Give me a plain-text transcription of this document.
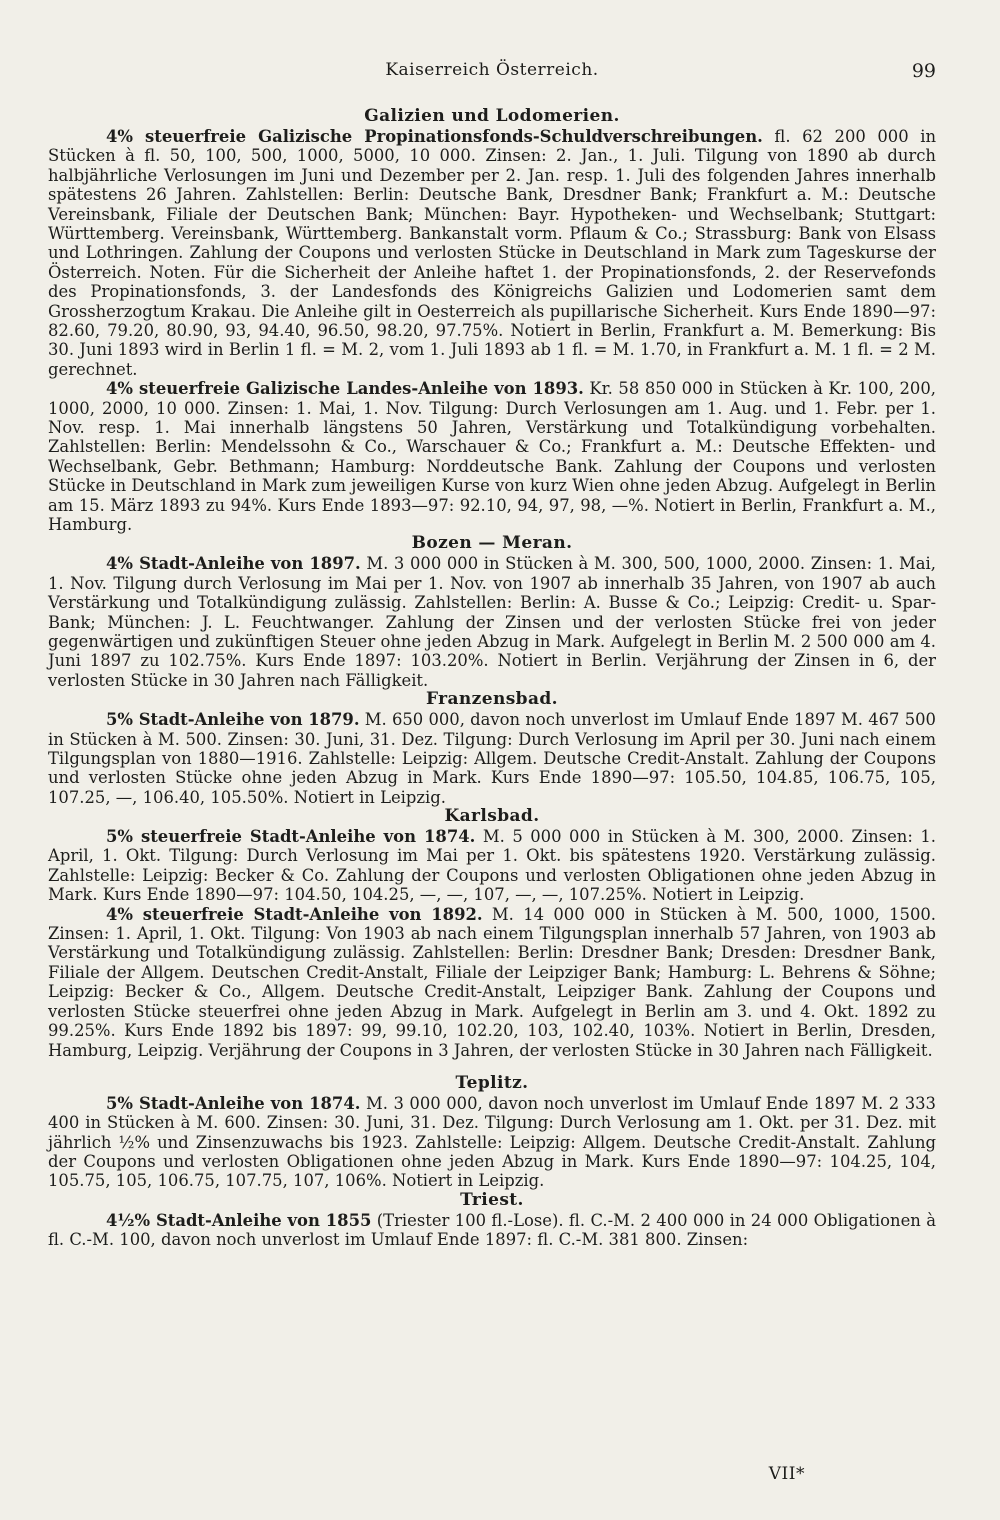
Kaiserreich Österreich.	99
Galizien und Lodomerien.

4% steuerfreie Galizische Propinationsfonds-Schuldverschreibungen. fl. 62 200 000 in Stücken à fl. 50, 100, 500, 1000, 5000, 10 000. Zinsen: 2. Jan., 1. Juli. Tilgung von 1890 ab durch halbjährliche Verlosungen im Juni und Dezember per 2. Jan. resp. 1. Juli des folgenden Jahres innerhalb spätestens 26 Jahren. Zahlstellen: Berlin: Deutsche Bank, Dresdner Bank; Frankfurt a. M.: Deutsche Vereinsbank, Filiale der Deutschen Bank; München: Bayr. Hypotheken- und Wechselbank; Stuttgart: Württemberg. Vereinsbank, Württemberg. Bankanstalt vorm. Pflaum & Co.; Strassburg: Bank von Elsass und Lothringen. Zahlung der Coupons und verlosten Stücke in Deutschland in Mark zum Tageskurse der Österreich. Noten. Für die Sicherheit der Anleihe haftet 1. der Propinationsfonds, 2. der Reservefonds des Propinationsfonds, 3. der Landesfonds des Königreichs Galizien und Lodomerien samt dem Grossherzogtum Krakau. Die Anleihe gilt in Oesterreich als pupillarische Sicherheit. Kurs Ende 1890—97: 82.60, 79.20, 80.90, 93, 94.40, 96.50, 98.20, 97.75%. Notiert in Berlin, Frankfurt a. M. Bemerkung: Bis 30. Juni 1893 wird in Berlin 1 fl. = M. 2, vom 1. Juli 1893 ab 1 fl. = M. 1.70, in Frankfurt a. M. 1 fl. = 2 M. gerechnet.

4% steuerfreie Galizische Landes-Anleihe von 1893. Kr. 58 850 000 in Stücken à Kr. 100, 200, 1000, 2000, 10 000. Zinsen: 1. Mai, 1. Nov. Tilgung: Durch Verlosungen am 1. Aug. und 1. Febr. per 1. Nov. resp. 1. Mai innerhalb längstens 50 Jahren, Verstärkung und Totalkündigung vorbehalten. Zahlstellen: Berlin: Mendelssohn & Co., Warschauer & Co.; Frankfurt a. M.: Deutsche Effekten- und Wechselbank, Gebr. Bethmann; Hamburg: Norddeutsche Bank. Zahlung der Coupons und verlosten Stücke in Deutschland in Mark zum jeweiligen Kurse von kurz Wien ohne jeden Abzug. Aufgelegt in Berlin am 15. März 1893 zu 94%. Kurs Ende 1893—97: 92.10, 94, 97, 98, —%. Notiert in Berlin, Frankfurt a. M., Hamburg.

Bozen — Meran.

4% Stadt-Anleihe von 1897. M. 3 000 000 in Stücken à M. 300, 500, 1000, 2000. Zinsen: 1. Mai, 1. Nov. Tilgung durch Verlosung im Mai per 1. Nov. von 1907 ab innerhalb 35 Jahren, von 1907 ab auch Verstärkung und Totalkündigung zulässig. Zahlstellen: Berlin: A. Busse & Co.; Leipzig: Credit- u. Spar-Bank; München: J. L. Feuchtwanger. Zahlung der Zinsen und der verlosten Stücke frei von jeder gegenwärtigen und zukünftigen Steuer ohne jeden Abzug in Mark. Aufgelegt in Berlin M. 2 500 000 am 4. Juni 1897 zu 102.75%. Kurs Ende 1897: 103.20%. Notiert in Berlin. Verjährung der Zinsen in 6, der verlosten Stücke in 30 Jahren nach Fälligkeit.

Franzensbad.

5% Stadt-Anleihe von 1879. M. 650 000, davon noch unverlost im Umlauf Ende 1897 M. 467 500 in Stücken à M. 500. Zinsen: 30. Juni, 31. Dez. Tilgung: Durch Verlosung im April per 30. Juni nach einem Tilgungsplan von 1880—1916. Zahlstelle: Leipzig: Allgem. Deutsche Credit-Anstalt. Zahlung der Coupons und verlosten Stücke ohne jeden Abzug in Mark. Kurs Ende 1890—97: 105.50, 104.85, 106.75, 105, 107.25, —, 106.40, 105.50%. Notiert in Leipzig.

Karlsbad.

5% steuerfreie Stadt-Anleihe von 1874. M. 5 000 000 in Stücken à M. 300, 2000. Zinsen: 1. April, 1. Okt. Tilgung: Durch Verlosung im Mai per 1. Okt. bis spätestens 1920. Verstärkung zulässig. Zahlstelle: Leipzig: Becker & Co. Zahlung der Coupons und verlosten Obligationen ohne jeden Abzug in Mark. Kurs Ende 1890—97: 104.50, 104.25, —, —, 107, —, —, 107.25%. Notiert in Leipzig.

4% steuerfreie Stadt-Anleihe von 1892. M. 14 000 000 in Stücken à M. 500, 1000, 1500. Zinsen: 1. April, 1. Okt. Tilgung: Von 1903 ab nach einem Tilgungsplan innerhalb 57 Jahren, von 1903 ab Verstärkung und Totalkündigung zulässig. Zahlstellen: Berlin: Dresdner Bank; Dresden: Dresdner Bank, Filiale der Allgem. Deutschen Credit-Anstalt, Filiale der Leipziger Bank; Hamburg: L. Behrens & Söhne; Leipzig: Becker & Co., Allgem. Deutsche Credit-Anstalt, Leipziger Bank. Zahlung der Coupons und verlosten Stücke steuerfrei ohne jeden Abzug in Mark. Aufgelegt in Berlin am 3. und 4. Okt. 1892 zu 99.25%. Kurs Ende 1892 bis 1897: 99, 99.10, 102.20, 103, 102.40, 103%. Notiert in Berlin, Dresden, Hamburg, Leipzig. Verjährung der Coupons in 3 Jahren, der verlosten Stücke in 30 Jahren nach Fälligkeit.

Teplitz.

5% Stadt-Anleihe von 1874. M. 3 000 000, davon noch unverlost im Umlauf Ende 1897 M. 2 333 400 in Stücken à M. 600. Zinsen: 30. Juni, 31. Dez. Tilgung: Durch Verlosung am 1. Okt. per 31. Dez. mit jährlich ½% und Zinsenzuwachs bis 1923. Zahlstelle: Leipzig: Allgem. Deutsche Credit-Anstalt. Zahlung der Coupons und verlosten Obligationen ohne jeden Abzug in Mark. Kurs Ende 1890—97: 104.25, 104, 105.75, 105, 106.75, 107.75, 107, 106%. Notiert in Leipzig.

Triest.

4½% Stadt-Anleihe von 1855 (Triester 100 fl.-Lose). fl. C.-M. 2 400 000 in 24 000 Obligationen à fl. C.-M. 100, davon noch unverlost im Umlauf Ende 1897: fl. C.-M. 381 800. Zinsen:

VII*
